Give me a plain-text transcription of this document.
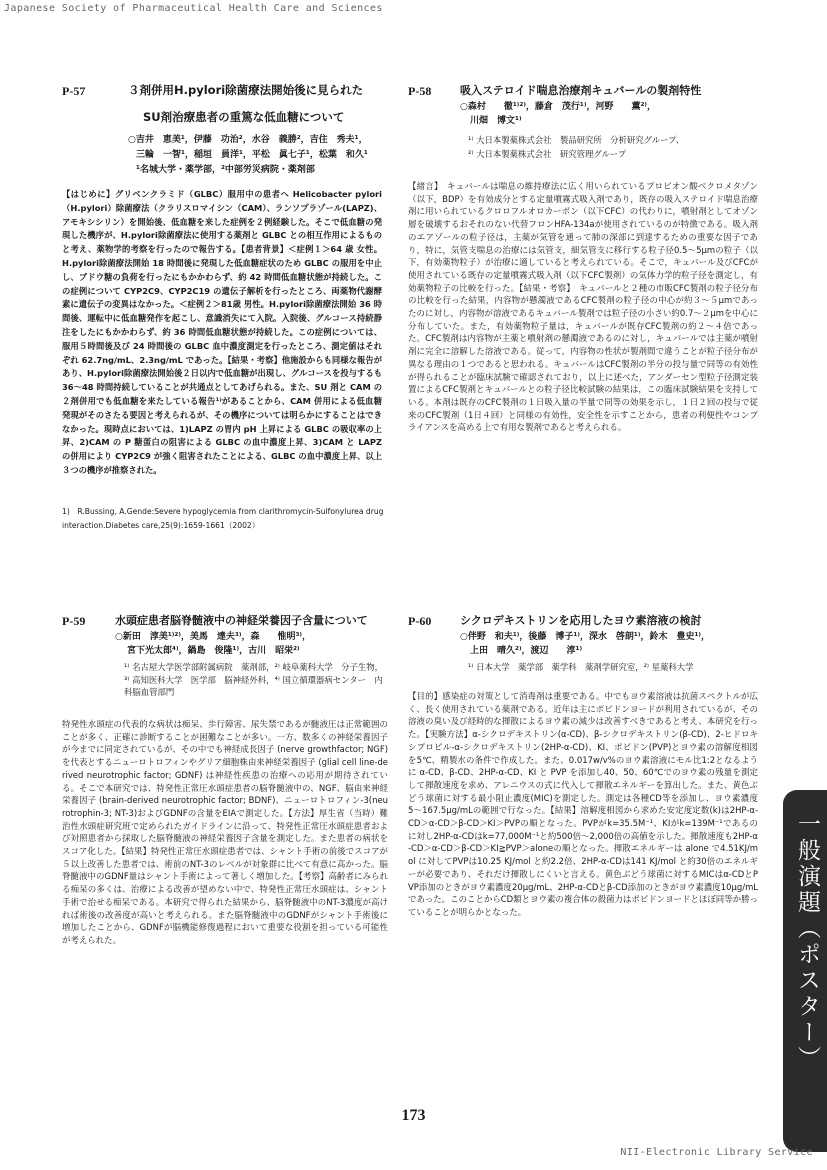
Japanese Society of Pharmaceutical Health Care and Sciences
P-57	３剤併用H.pylori除菌療法開始後に見られた
SU剤治療患者の重篤な低血糖について
○吉井　恵美¹，伊藤　功治²，水谷　義勝²，吉住　秀夫¹，
三輪　一智¹，稲垣　員洋¹，平松　眞七子¹，松葉　和久¹
¹名城大学・薬学部，²中部労災病院・薬剤部
【はじめに】グリベンクラミド（GLBC）服用中の患者へ Helicobacter pylori（H.pylori）除菌療法（クラリスロマイシン（CAM）、ランソプラゾール(LAPZ)、アモキシシリン）を開始後、低血糖を来した症例を２例経験した。そこで低血糖の発現した機序が、H.pylori除菌療法に使用する薬剤と GLBC との相互作用によるものと考え、薬物学的考察を行ったので報告する。【患者背景】＜症例１＞64 歳 女性。H.pylori除菌療法開始 18 時間後に発現した低血糖症状のため GLBC の服用を中止し、ブドウ糖の負荷を行ったにもかかわらず、約 42 時間低血糖状態が持続した。この症例について CYP2C9、CYP2C19 の遺伝子解析を行ったところ、両薬物代謝酵素に遺伝子の変異はなかった。＜症例２＞81歳 男性。H.pylori除菌療法開始 36 時間後、運転中に低血糖発作を起こし、意識消失にて入院。入院後、グルコース持続静注をしたにもかかわらず、約 36 時間低血糖状態が持続した。この症例については、服用５時間後及び 24 時間後の GLBC 血中濃度測定を行ったところ、測定値はそれぞれ 62.7ng/mL、2.3ng/mL であった。【結果・考察】他施設からも同様な報告があり、H.pylori除菌療法開始後２日以内で低血糖が出現し、グルコースを投与するも 36〜48 時間持続していることが共通点としてあげられる。また、SU 剤と CAM の２剤併用でも低血糖を来たしている報告¹⁾があることから、CAM 併用による低血糖発現がそのさたる要因と考えられるが、その機序については明らかにすることはできなかった。現時点においては、1)LAPZ の胃内 pH 上昇による GLBC の吸収率の上昇、2)CAM の P 糖蛋白の阻害による GLBC の血中濃度上昇、3)CAM と LAPZ の併用により CYP2C9 が強く阻害されたことによる、GLBC の血中濃度上昇、以上３つの機序が推察された。
1)　R.Bussing, A.Gende:Severe hypoglycemia from clarithromycin-Sulfonylurea drug
interaction.Diabetes care,25(9):1659-1661（2002）
P-58	吸入ステロイド喘息治療剤キュバールの製剤特性
○森村　　徹¹⁾²⁾，藤倉　茂行¹⁾，河野　　薫²⁾，
川畑　博文¹⁾
¹⁾ 大日本製薬株式会社　製品研究所　分析研究グループ、
²⁾ 大日本製薬株式会社　研究管理グループ
【緒言】　キュバールは喘息の維持療法に広く用いられているプロピオン酸ベクロメタゾン（以下，BDP）を有効成分とする定量噴霧式吸入剤であり，既存の吸入ステロイド喘息治療剤に用いられているクロロフルオロカーボン（以下CFC）の代わりに，噴射剤としてオゾン層を破壊するおそれのない代替フロンHFA-134aが使用されているのが特徴である。吸入剤のエアゾールの粒子径は，主薬が気管を通って肺の深部に到達するための重要な因子であり，特に，気管支喘息の治療には気管支，細気管支に移行する粒子径0.5〜5μmの粒子（以下，有効薬物粒子）が治療に適していると考えられている。そこで，キュバール及びCFCが使用されている既存の定量噴霧式吸入剤（以下CFC製剤）の気体力学的粒子径を測定し，有効薬物粒子の比較を行った。【結果・考察】　キュバールと２種の市販CFC製剤の粒子径分布の比較を行った結果，内容物が懸濁液であるCFC製剤の粒子径の中心が約３〜５μmであったのに対し，内容物が溶液であるキュバール製剤では粒子径の小さい約0.7〜２μmを中心に分布していた。また，有効薬物粒子量は，キュバールが既存CFC製剤の約２〜４倍であった。CFC製剤は内容物が主薬と噴射剤の懸濁液であるのに対し，キュバールでは主薬が噴射剤に完全に溶解した溶液である。従って，内容物の性状が製剤間で違うことが粒子径分布が異なる理由の１つであると思われる。キュバールはCFC製剤の半分の投与量で同等の有効性が得られることが臨床試験で確認されており，以上に述べた，アンダーセン型粒子径測定装置によるCFC製剤とキュバールとの粒子径比較試験の結果は，この臨床試験結果を支持している。本剤は既存のCFC製剤の１日吸入量の半量で同等の効果を示し，１日２回の投与で従来のCFC製剤（1日４回）と同様の有効性，安全性を示すことから，患者の利便性やコンプライアンスを高める上で有用な製剤であると考えられる。
P-59	水頭症患者脳脊髄液中の神経栄養因子含量について
○新田　淳美¹⁾²⁾，美馬　達夫³⁾，森　　惟明³⁾，
宮下光太郎⁴⁾，鍋島　俊隆¹⁾，古川　昭栄²⁾
¹⁾ 名古屋大学医学部附属病院　薬剤部，²⁾ 岐阜薬科大学　分子生物，³⁾ 高知医科大学　医学部　脳神経外科，⁴⁾ 国立循環器病センター　内科脳血管部門
特発性水頭症の代表的な病状は痴呆、歩行障害、尿失禁であるが髄液圧は正常範囲のことが多く、正確に診断することが困難なことが多い。一方、数多くの神経栄養因子が今までに同定されているが、その中でも神経成長因子 (nerve growthfactor; NGF) を代表とするニューロトロフィンやグリア細胞株由来神経栄養因子 (glial cell line-derived neurotrophic factor; GDNF) は神経性疾患の治療への応用が期待されている。そこで本研究では、特発性正常圧水頭症患者の脳脊髄液中の、NGF、脳由来神経栄養因子 (brain-derived neurotrophic factor; BDNF)、ニューロトロフィン-3(neurotrophin-3; NT-3)およびGDNFの含量をEIAで測定した。【方法】厚生省（当時）難治性水頭症研究班で定められたガイドラインに沿って、特発性正常圧水頭症患者および対照患者から採取した脳脊髄液の神経栄養因子含量を測定した。また患者の病状をスコア化した。【結果】特発性正常圧水頭症患者では、シャント手術の前後でスコアが５以上改善した患者では、術前のNT-3のレベルが対象群に比べて有意に高かった。脳脊髄液中のGDNF量はシャント手術によって著しく増加した。【考察】高齢者にみられる痴呆の多くは、治療による改善が望めない中で、特発性正常圧水頭症は、シャント手術で治せる痴呆である。本研究で得られた結果から、脳脊髄液中のNT-3濃度が高ければ術後の改善度が高いと考えられる。また脳脊髄液中のGDNFがシャント手術後に増加したことから、GDNFが脳機能修復過程において重要な役割を担っている可能性が考えられた。
P-60	シクロデキストリンを応用したヨウ素溶液の検討
○伴野　和夫¹⁾，後藤　博子¹⁾，深水　啓朗¹⁾，鈴木　豊史¹⁾，
上田　晴久²⁾，渡辺　　淳¹⁾
¹⁾ 日本大学　薬学部　薬学科　薬剤学研究室，²⁾ 星薬科大学
【目的】感染症の対策として消毒剤は重要である。中でもヨウ素溶液は抗菌スペクトルが広く、長く使用されている薬剤である。近年は主にポビドンヨードが利用されているが、その溶液の臭い及び経時的な揮散によるヨウ素の減少は改善すべきであると考え、本研究を行った。【実験方法】α-シクロデキストリン(α-CD)、β-シクロデキストリン(β-CD)、2-ヒドロキシプロピル-α-シクロデキストリン(2HP-α-CD)、KI、ポビドン(PVP)とヨウ素の溶解度相図を5℃、精製水の条件で作成した。また、0.017w/v%のヨウ素溶液にモル比1:2となるように α-CD、β-CD、2HP-α-CD、KI と PVP を添加し40、50、60℃でのヨウ素の残量を測定して揮散速度を求め、アレニウスの式に代入して揮散エネルギーを算出した。また、黄色ぶどう球菌に対する最小阻止濃度(MIC)を測定した。測定は各種CD等を添加し、ヨウ素濃度5〜167.5μg/mLの範囲で行なった。【結果】溶解度相図から求めた安定度定数(k)は2HP-α-CD＞α-CD＞β-CD＞KI＞PVPの順となった。PVPがk=35.5M⁻¹、KIがk=139M⁻¹であるのに対し2HP-α-CDはk=77,000M⁻¹と約500倍〜2,000倍の高値を示した。揮散速度も2HP-α-CD＞α-CD＞β-CD＞KI≧PVP＞aloneの順となった。揮散エネルギーは alone で4.51KJ/mol に対してPVPは10.25 KJ/mol と約2.2倍、2HP-α-CDは141 KJ/mol と約30倍のエネルギーが必要であり、それだけ揮散しにくいと言える。黄色ぶどう球菌に対するMICはα-CDとPVP添加のときがヨウ素濃度20μg/mL、2HP-α-CDとβ-CD添加のときがヨウ素濃度10μg/mLであった。このことからCD類とヨウ素の複合体の殺菌力はポビドンヨードとほぼ同等か勝っていることが明らかとなった。	一般演題（ポスター）
173
NII-Electronic Library Service
